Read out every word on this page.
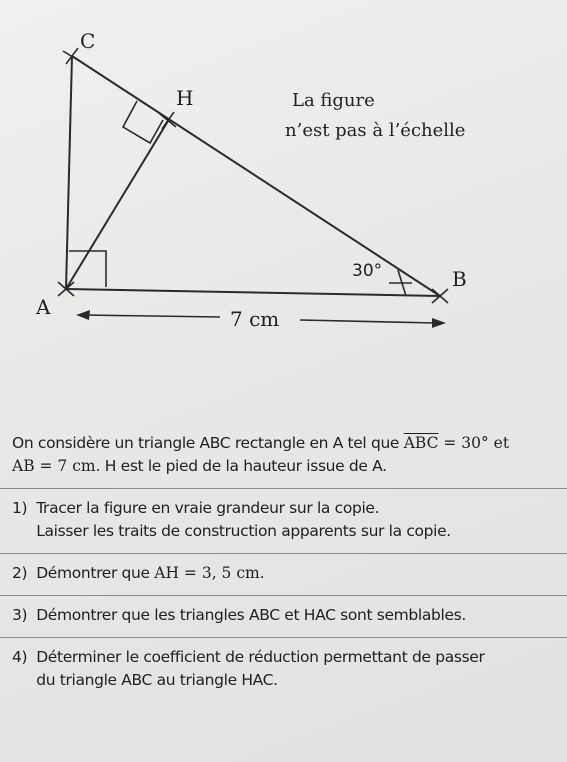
C
H
A
B
La figure
n’est pas à l’échelle
30°
7 cm

On considère un triangle ABC rectangle en A tel que $\overline{ABC} = 30^\circ$ et

AB = 7 cm. H est le pied de la hauteur issue de A.

1) Tracer la figure en vraie grandeur sur la copie.

Laisser les traits de construction apparents sur la copie.

2) Démontrer que AH = 3, 5 cm.

3) Démontrer que les triangles ABC et HAC sont semblables.

4) Déterminer le coefficient de réduction permettant de passer

du triangle ABC au triangle HAC.
